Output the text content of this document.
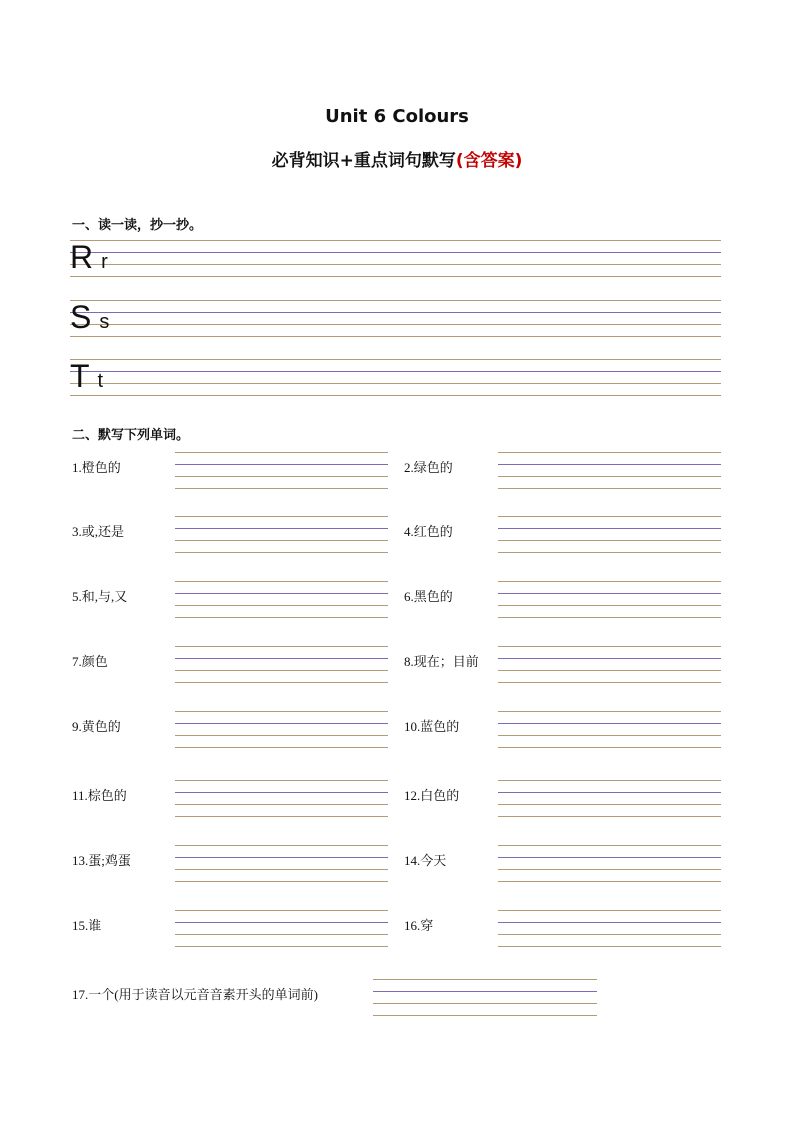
Unit 6 Colours
必背知识+重点词句默写(含答案)
一、读一读，抄一抄。
Rr
Ss
Tt
二、默写下列单词。
1.橙色的	2.绿色的
3.或,还是	4.红色的
5.和,与,又	6.黑色的
7.颜色	8.现在；目前
9.黄色的	10.蓝色的
11.棕色的	12.白色的
13.蛋;鸡蛋	14.今天
15.谁	16.穿
17.一个(用于读音以元音音素开头的单词前)
